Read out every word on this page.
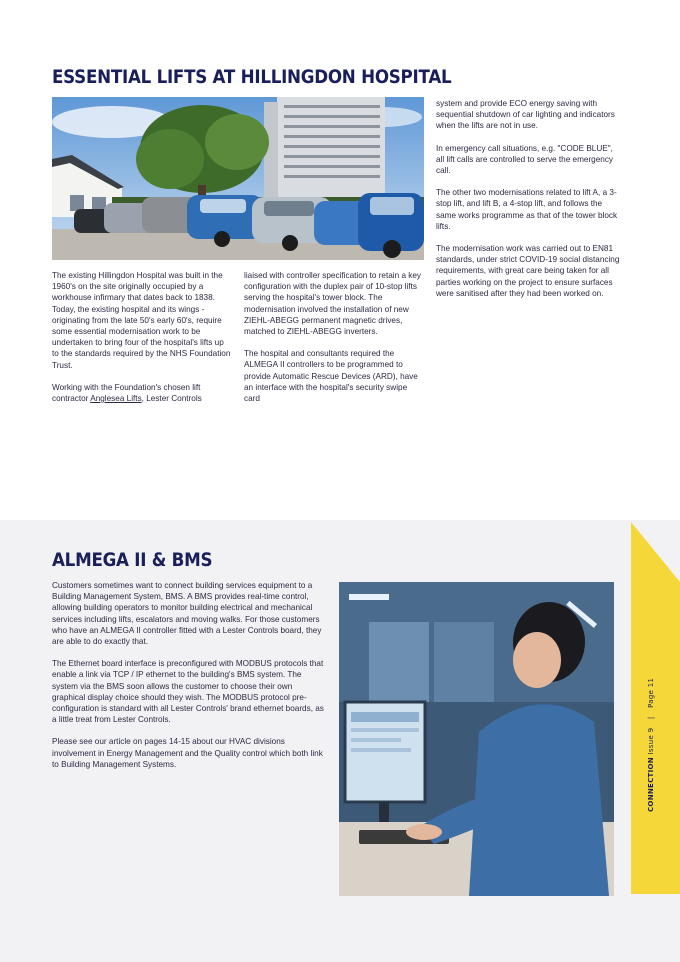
ESSENTIAL LIFTS AT HILLINGDON HOSPITAL

The existing Hillingdon Hospital was built in the 1960's on the site originally occupied by a workhouse infirmary that dates back to 1838. Today, the existing hospital and its wings - originating from the late 50's early 60's, require some essential modernisation work to be undertaken to bring four of the hospital's lifts up to the standards required by the NHS Foundation Trust.

Working with the Foundation's chosen lift contractor Anglesea Lifts, Lester Controls

liaised with controller specification to retain a key configuration with the duplex pair of 10-stop lifts serving the hospital's tower block. The modernisation involved the installation of new ZIEHL-ABEGG permanent magnetic drives, matched to ZIEHL-ABEGG inverters.

The hospital and consultants required the ALMEGA II controllers to be programmed to provide Automatic Rescue Devices (ARD), have an interface with the hospital's security swipe card

system and provide ECO energy saving with sequential shutdown of car lighting and indicators when the lifts are not in use.

In emergency call situations, e.g. "CODE BLUE", all lift calls are controlled to serve the emergency call.

The other two modernisations related to lift A, a 3-stop lift, and lift B, a 4-stop lift, and follows the same works programme as that of the tower block lifts.

The modernisation work was carried out to EN81 standards, under strict COVID-19 social distancing requirements, with great care being taken for all parties working on the project to ensure surfaces were sanitised after they had been worked on.

ALMEGA II & BMS

Customers sometimes want to connect building services equipment to a Building Management System, BMS. A BMS provides real-time control, allowing building operators to monitor building electrical and mechanical services including lifts, escalators and moving walks. For those customers who have an ALMEGA II controller fitted with a Lester Controls board, they are able to do exactly that.

The Ethernet board interface is preconfigured with MODBUS protocols that enable a link via TCP / IP ethernet to the building's BMS system. The system via the BMS soon allows the customer to choose their own graphical display choice should they wish. The MODBUS protocol pre-configuration is standard with all Lester Controls' brand ethernet boards, as a little treat from Lester Controls.

Please see our article on pages 14-15 about our HVAC divisions involvement in Energy Management and the Quality control which both link to Building Management Systems.	CONNECTION Issue 9 | Page 11
